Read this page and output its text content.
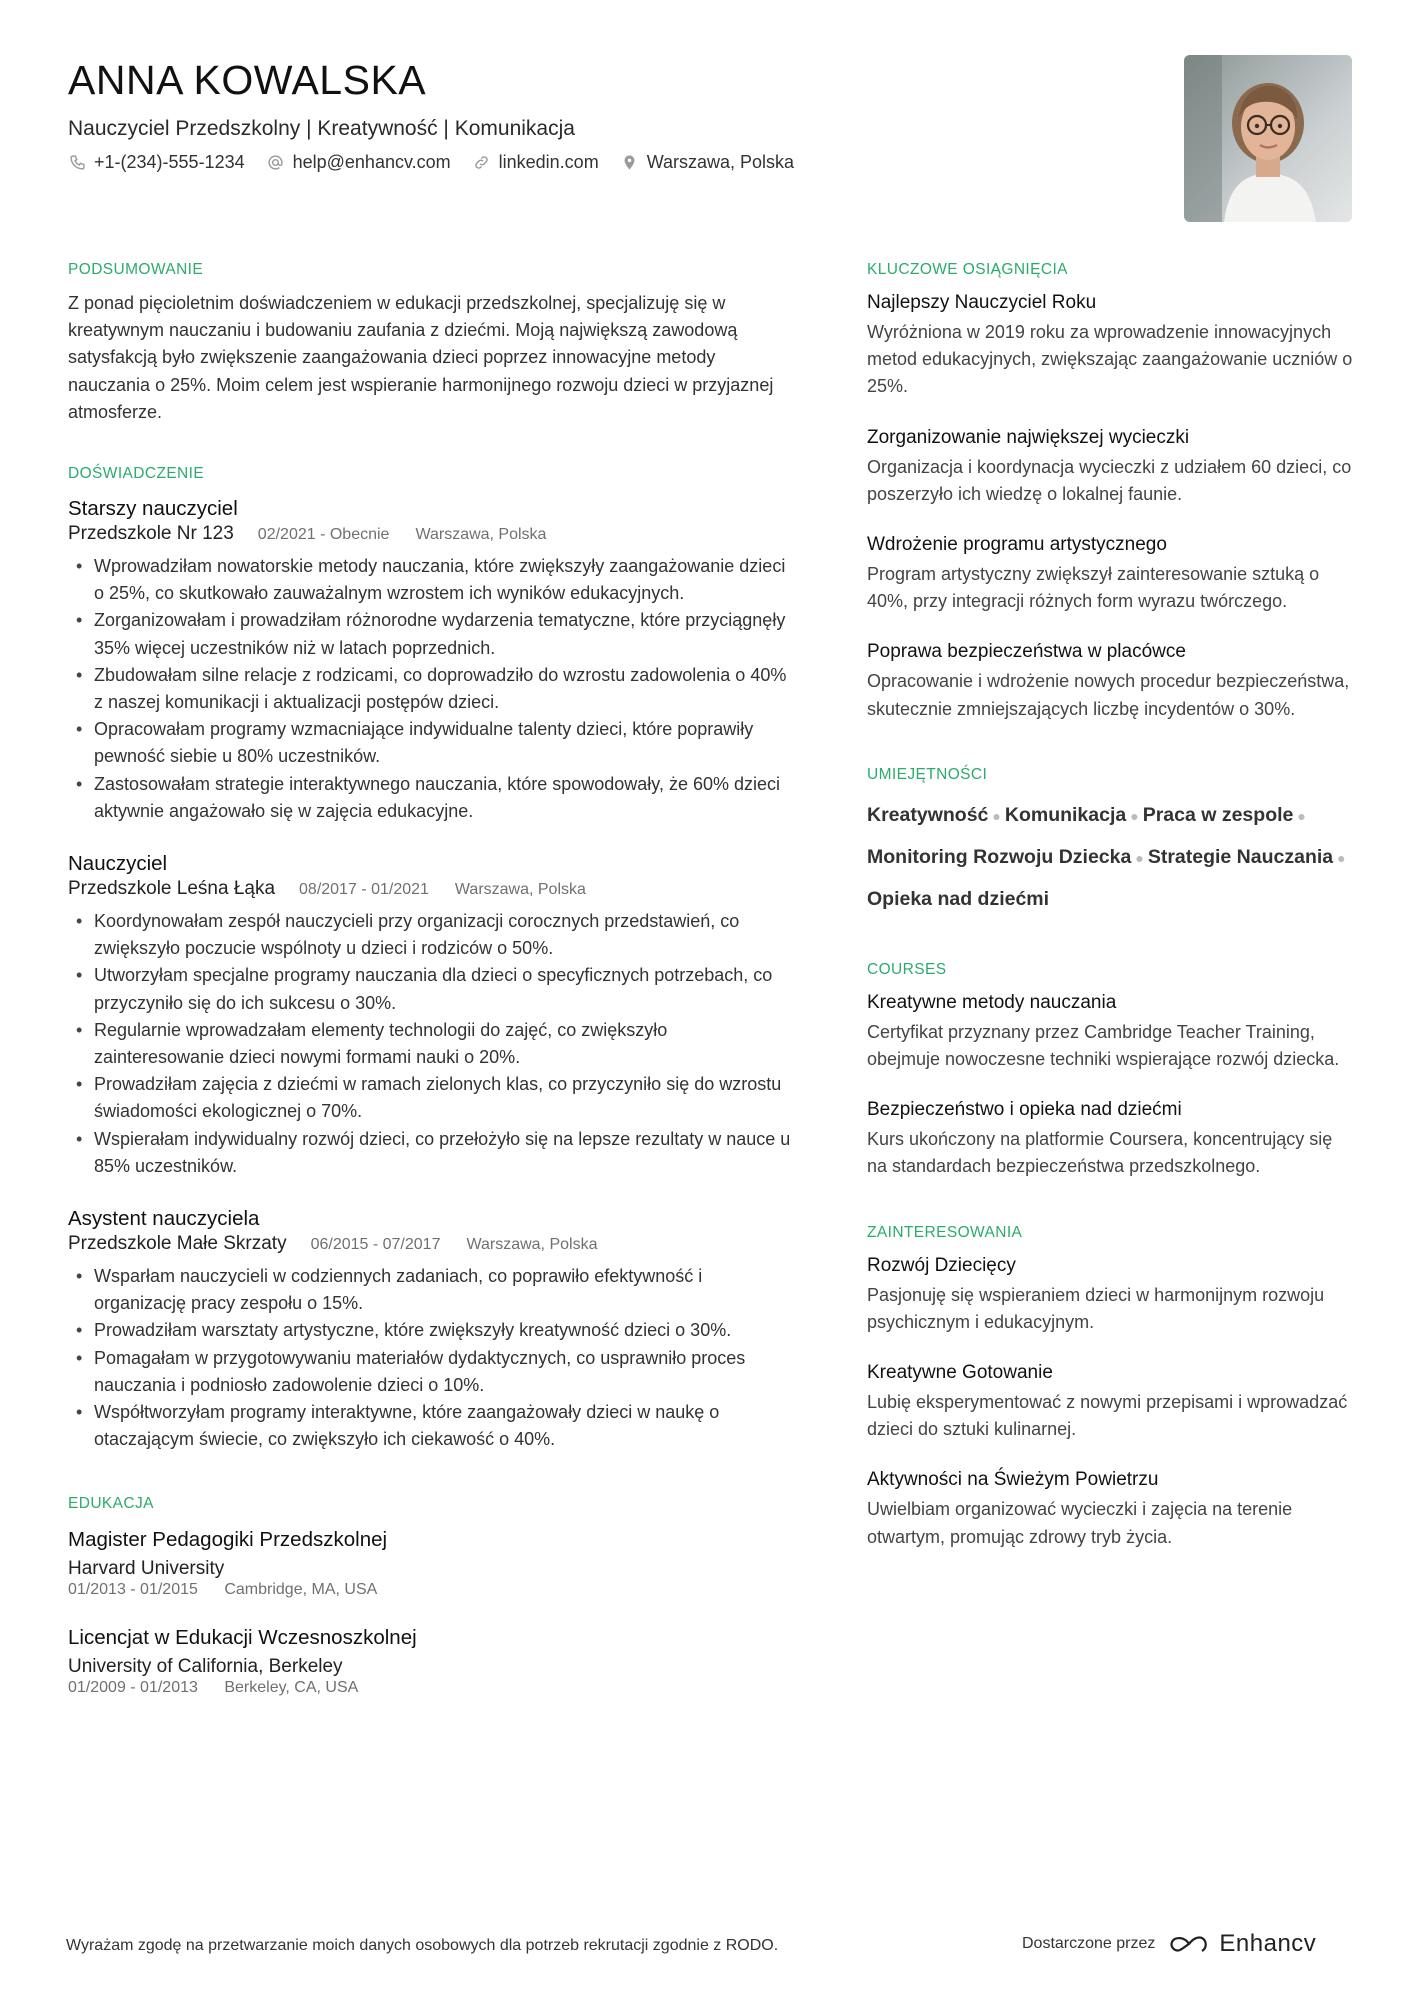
ANNA KOWALSKA
Nauczyciel Przedszkolny | Kreatywność | Komunikacja
+1-(234)-555-1234	help@enhancv.com	linkedin.com	Warszawa, Polska
PODSUMOWANIE
Z ponad pięcioletnim doświadczeniem w edukacji przedszkolnej, specjalizuję się w kreatywnym nauczaniu i budowaniu zaufania z dziećmi. Moją największą zawodową satysfakcją było zwiększenie zaangażowania dzieci poprzez innowacyjne metody nauczania o 25%. Moim celem jest wspieranie harmonijnego rozwoju dzieci w przyjaznej atmosferze.
DOŚWIADCZENIE
Starszy nauczyciel
Przedszkole Nr 123 02/2021 - Obecnie Warszawa, Polska
• Wprowadziłam nowatorskie metody nauczania, które zwiększyły zaangażowanie dzieci o 25%, co skutkowało zauważalnym wzrostem ich wyników edukacyjnych.
• Zorganizowałam i prowadziłam różnorodne wydarzenia tematyczne, które przyciągnęły 35% więcej uczestników niż w latach poprzednich.
• Zbudowałam silne relacje z rodzicami, co doprowadziło do wzrostu zadowolenia o 40% z naszej komunikacji i aktualizacji postępów dzieci.
• Opracowałam programy wzmacniające indywidualne talenty dzieci, które poprawiły pewność siebie u 80% uczestników.
• Zastosowałam strategie interaktywnego nauczania, które spowodowały, że 60% dzieci aktywnie angażowało się w zajęcia edukacyjne.
Nauczyciel
Przedszkole Leśna Łąka 08/2017 - 01/2021 Warszawa, Polska
• Koordynowałam zespół nauczycieli przy organizacji corocznych przedstawień, co zwiększyło poczucie wspólnoty u dzieci i rodziców o 50%.
• Utworzyłam specjalne programy nauczania dla dzieci o specyficznych potrzebach, co przyczyniło się do ich sukcesu o 30%.
• Regularnie wprowadzałam elementy technologii do zajęć, co zwiększyło zainteresowanie dzieci nowymi formami nauki o 20%.
• Prowadziłam zajęcia z dziećmi w ramach zielonych klas, co przyczyniło się do wzrostu świadomości ekologicznej o 70%.
• Wspierałam indywidualny rozwój dzieci, co przełożyło się na lepsze rezultaty w nauce u 85% uczestników.
Asystent nauczyciela
Przedszkole Małe Skrzaty 06/2015 - 07/2017 Warszawa, Polska
• Wsparłam nauczycieli w codziennych zadaniach, co poprawiło efektywność i organizację pracy zespołu o 15%.
• Prowadziłam warsztaty artystyczne, które zwiększyły kreatywność dzieci o 30%.
• Pomagałam w przygotowywaniu materiałów dydaktycznych, co usprawniło proces nauczania i podniosło zadowolenie dzieci o 10%.
• Współtworzyłam programy interaktywne, które zaangażowały dzieci w naukę o otaczającym świecie, co zwiększyło ich ciekawość o 40%.
EDUKACJA
Magister Pedagogiki Przedszkolnej
Harvard University
01/2013 - 01/2015 Cambridge, MA, USA
Licencjat w Edukacji Wczesnoszkolnej
University of California, Berkeley
01/2009 - 01/2013 Berkeley, CA, USA
KLUCZOWE OSIĄGNIĘCIA
Najlepszy Nauczyciel Roku
Wyróżniona w 2019 roku za wprowadzenie innowacyjnych metod edukacyjnych, zwiększając zaangażowanie uczniów o 25%.
Zorganizowanie największej wycieczki
Organizacja i koordynacja wycieczki z udziałem 60 dzieci, co poszerzyło ich wiedzę o lokalnej faunie.
Wdrożenie programu artystycznego
Program artystyczny zwiększył zainteresowanie sztuką o 40%, przy integracji różnych form wyrazu twórczego.
Poprawa bezpieczeństwa w placówce
Opracowanie i wdrożenie nowych procedur bezpieczeństwa, skutecznie zmniejszających liczbę incydentów o 30%.
UMIEJĘTNOŚCI
Kreatywność ● Komunikacja ● Praca w zespole ●
Monitoring Rozwoju Dziecka ● Strategie Nauczania ●
Opieka nad dziećmi
COURSES
Kreatywne metody nauczania
Certyfikat przyznany przez Cambridge Teacher Training, obejmuje nowoczesne techniki wspierające rozwój dziecka.
Bezpieczeństwo i opieka nad dziećmi
Kurs ukończony na platformie Coursera, koncentrujący się na standardach bezpieczeństwa przedszkolnego.
ZAINTERESOWANIA
Rozwój Dziecięcy
Pasjonuję się wspieraniem dzieci w harmonijnym rozwoju psychicznym i edukacyjnym.
Kreatywne Gotowanie
Lubię eksperymentować z nowymi przepisami i wprowadzać dzieci do sztuki kulinarnej.
Aktywności na Świeżym Powietrzu
Uwielbiam organizować wycieczki i zajęcia na terenie otwartym, promując zdrowy tryb życia.
Wyrażam zgodę na przetwarzanie moich danych osobowych dla potrzeb rekrutacji zgodnie z RODO.	Dostarczone przez	Enhancv
